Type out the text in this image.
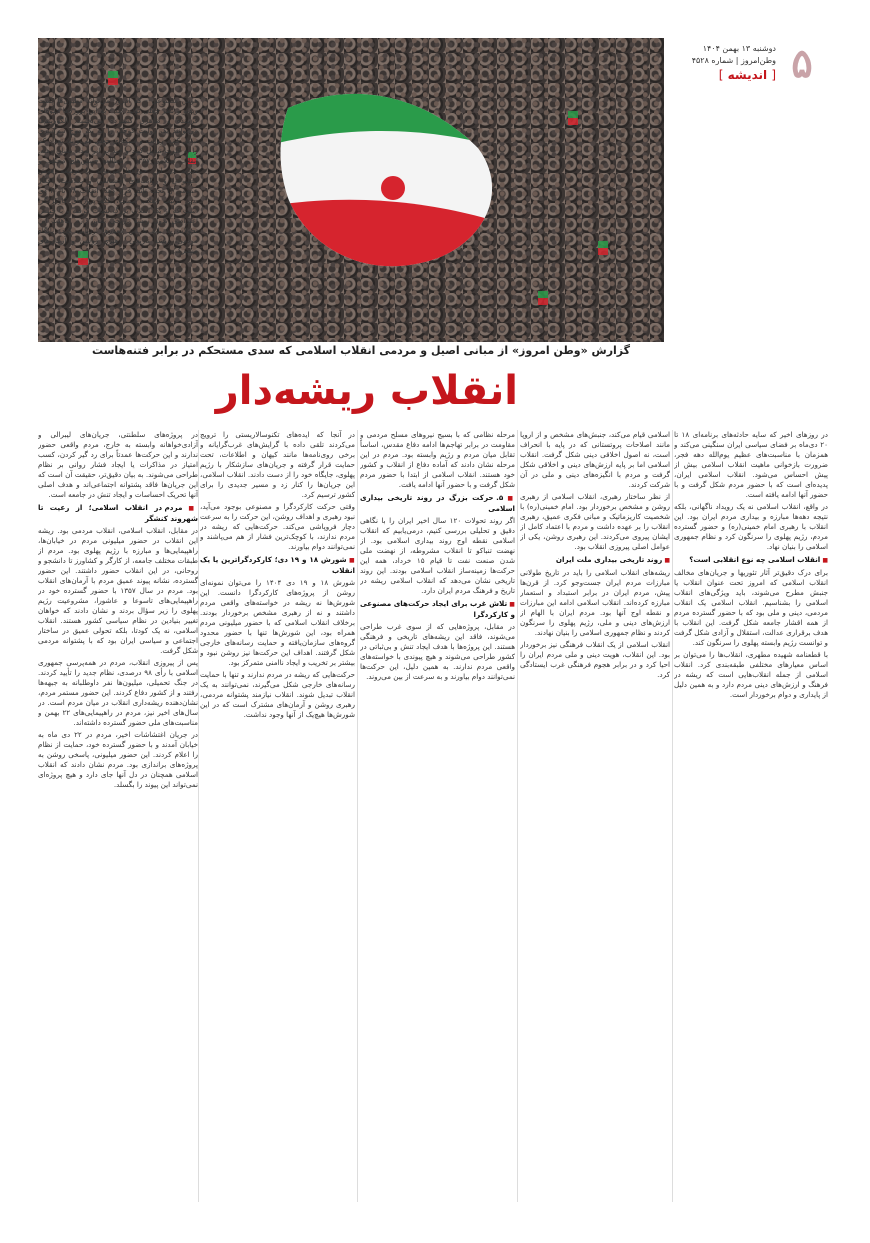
۵
دوشنبه ۱۳ بهمن ۱۴۰۴
وطن‌امروز | شماره ۴۵۲۸
[ اندیشه ]
هوش مصنوعی - که امروز می‌تواند میلیون‌ها پست ویدئو و نظر جعلی تولید کند - به این پروژه‌ها جلوه‌ای فریبنده و ظاهری گسترده می‌بخشد. الگوریتم‌ها می‌توانند یک روایت کوچک را به یک موج سراسری تبدیل کنند، روایت و شبکه‌ای جعلی می‌توانند تعداد کم را به کثرت تبدیل کنند و چند بر ابر تعداد نشان دهند. انقلاب اسلامی ۱۳۵۷ با مطالعه جنبش‌های مختلف و تجربه در این حوزه‌ها می‌تواند با توسعه هوش مصنوعی و روایت‌های احساسی و یکدست، افکار عمومی را تحت تأثیر قرار دهد. انقلاب ۱۸ تا ۲۰ دی بدین ترتیب انقلاب نیست، بلکه پروژه‌ای کارکردگرا است که از یک انقلاب بزرگ نشأت گرفته و با جنبش اعتراضی بدون ریشه تاریخی تمایز دارد. ماهیت این تحولات را باید با این معیارها ارزیابی کرد: پایگاه مردمی، ریشه تاریخی، رهبری روشن و آرمان‌های مشترک.
گزارش «وطن امروز» از مبانی اصیل و مردمی انقلاب اسلامی که سدی مستحکم در برابر فتنه‌هاست
انقلاب ریشه‌دار

در پروژه‌های سلطنتی، جریان‌های لیبرالی و آزادی‌خواهانه وابسته به خارج، مردم واقعی حضور ندارند و این حرکت‌ها عمدتاً برای رد گیر کردن، کسب امتیاز در مذاکرات یا ایجاد فشار روانی بر نظام طراحی می‌شوند. به بیان دقیق‌تر، حقیقت آن است که این جریان‌ها فاقد پشتوانه اجتماعی‌اند و هدف اصلی آنها تحریک احساسات و ایجاد تنش در جامعه است.

■ مردم در انقلاب اسلامی؛ از رعیت تا شهروند کنشگر

در مقابل، انقلاب اسلامی، انقلاب مردمی بود. ریشه این انقلاب در حضور میلیونی مردم در خیابان‌ها، راهپیمایی‌ها و مبارزه با رژیم پهلوی بود. مردم از طبقات مختلف جامعه، از کارگر و کشاورز تا دانشجو و روحانی، در این انقلاب حضور داشتند. این حضور گسترده، نشانه پیوند عمیق مردم با آرمان‌های انقلاب بود. مردم در سال ۱۳۵۷ با حضور گسترده خود در راهپیمایی‌های تاسوعا و عاشورا، مشروعیت رژیم پهلوی را زیر سؤال بردند و نشان دادند که خواهان تغییر بنیادین در نظام سیاسی کشور هستند. انقلاب اسلامی، نه یک کودتا، بلکه تحولی عمیق در ساختار اجتماعی و سیاسی ایران بود که با پشتوانه مردمی شکل گرفت.

پس از پیروزی انقلاب، مردم در همه‌پرسی جمهوری اسلامی با رأی ۹۸ درصدی، نظام جدید را تأیید کردند. در جنگ تحمیلی، میلیون‌ها نفر داوطلبانه به جبهه‌ها رفتند و از کشور دفاع کردند. این حضور مستمر مردم، نشان‌دهنده ریشه‌داری انقلاب در میان مردم است. در سال‌های اخیر نیز، مردم در راهپیمایی‌های ۲۲ بهمن و مناسبت‌های ملی حضور گسترده داشته‌اند.

در جریان اغتشاشات اخیر، مردم در ۲۲ دی ماه به خیابان آمدند و با حضور گسترده خود، حمایت از نظام را اعلام کردند. این حضور میلیونی، پاسخی روشن به پروژه‌های براندازی بود. مردم نشان دادند که انقلاب اسلامی همچنان در دل آنها جای دارد و هیچ پروژه‌ای نمی‌تواند این پیوند را بگسلد.

در آنجا که ایده‌های تکنوسالاریستی را ترویج می‌کردند تلقی داده با گرایش‌های غرب‌گرایانه و برخی روی‌نامه‌ها مانند کیهان و اطلاعات، تحت حمایت قرار گرفته و جریان‌های سازشکار با رژیم پهلوی، جایگاه خود را از دست دادند. انقلاب اسلامی، این جریان‌ها را کنار زد و مسیر جدیدی را برای کشور ترسیم کرد.

وقتی حرکت کارکردگرا و مصنوعی بوجود می‌آید، نبود رهبری و اهداف روشن، این حرکت را به سرعت دچار فروپاشی می‌کند. حرکت‌هایی که ریشه در مردم ندارند، با کوچک‌ترین فشار از هم می‌پاشند و نمی‌توانند دوام بیاورند.

■ شورش ۱۸ و ۱۹ دی؛ کارکردگراترین یا یک انقلاب

شورش ۱۸ و ۱۹ دی ۱۴۰۴ را می‌توان نمونه‌ای روشن از پروژه‌های کارکردگرا دانست. این شورش‌ها نه ریشه در خواسته‌های واقعی مردم داشتند و نه از رهبری مشخص برخوردار بودند. برخلاف انقلاب اسلامی که با حضور میلیونی مردم همراه بود، این شورش‌ها تنها با حضور محدود گروه‌های سازمان‌یافته و حمایت رسانه‌های خارجی شکل گرفتند. اهداف این حرکت‌ها نیز روشن نبود و بیشتر بر تخریب و ایجاد ناامنی متمرکز بود.

حرکت‌هایی که ریشه در مردم ندارند و تنها با حمایت رسانه‌های خارجی شکل می‌گیرند، نمی‌توانند به یک انقلاب تبدیل شوند. انقلاب نیازمند پشتوانه مردمی، رهبری روشن و آرمان‌های مشترک است که در این شورش‌ها هیچ‌یک از آنها وجود نداشت.

مرحله نظامی که با بسیج نیروهای مسلح مردمی و مقاومت در برابر تهاجم‌ها ادامه دفاع مقدس، اساساً تقابل میان مردم و رژیم وابسته بود. مردم در این مرحله نشان دادند که آماده دفاع از انقلاب و کشور خود هستند. انقلاب اسلامی از ابتدا با حضور مردم شکل گرفت و با حضور آنها ادامه یافت.

■ ۵. حرکت بزرگ در روند تاریخی بیداری اسلامی

اگر روند تحولات ۱۲۰ سال اخیر ایران را با نگاهی دقیق و تحلیلی بررسی کنیم، درمی‌یابیم که انقلاب اسلامی نقطه اوج روند بیداری اسلامی بود. از نهضت تنباکو تا انقلاب مشروطه، از نهضت ملی شدن صنعت نفت تا قیام ۱۵ خرداد، همه این حرکت‌ها زمینه‌ساز انقلاب اسلامی بودند. این روند تاریخی نشان می‌دهد که انقلاب اسلامی ریشه در تاریخ و فرهنگ مردم ایران دارد.

■ تلاش غرب برای ایجاد حرکت‌های مصنوعی و کارکردگرا

در مقابل، پروژه‌هایی که از سوی غرب طراحی می‌شوند، فاقد این ریشه‌های تاریخی و فرهنگی هستند. این پروژه‌ها با هدف ایجاد تنش و بی‌ثباتی در کشور طراحی می‌شوند و هیچ پیوندی با خواسته‌های واقعی مردم ندارند. به همین دلیل، این حرکت‌ها نمی‌توانند دوام بیاورند و به سرعت از بین می‌روند.

اسلامی قیام می‌کند، جنبش‌های مشخص و از اروپا مانند اصلاحات پروتستانی که در پایه با انحراف است، نه اصول اخلاقی دینی شکل گرفت. انقلاب اسلامی اما بر پایه ارزش‌های دینی و اخلاقی شکل گرفت و مردم با انگیزه‌های دینی و ملی در آن شرکت کردند.

از نظر ساختار رهبری، انقلاب اسلامی از رهبری روشن و مشخص برخوردار بود. امام خمینی(ره) با شخصیت کاریزماتیک و مبانی فکری عمیق، رهبری انقلاب را بر عهده داشت و مردم با اعتماد کامل از ایشان پیروی می‌کردند. این رهبری روشن، یکی از عوامل اصلی پیروزی انقلاب بود.

■ روند تاریخی بیداری ملت ایران

ریشه‌های انقلاب اسلامی را باید در تاریخ طولانی مبارزات مردم ایران جست‌وجو کرد. از قرن‌ها پیش، مردم ایران در برابر استبداد و استعمار مبارزه کرده‌اند. انقلاب اسلامی ادامه این مبارزات و نقطه اوج آنها بود. مردم ایران با الهام از ارزش‌های دینی و ملی، رژیم پهلوی را سرنگون کردند و نظام جمهوری اسلامی را بنیان نهادند.

انقلاب اسلامی از یک انقلاب فرهنگی نیز برخوردار بود. این انقلاب، هویت دینی و ملی مردم ایران را احیا کرد و در برابر هجوم فرهنگی غرب ایستادگی کرد.

در روزهای اخیر که سایه حادثه‌های برنامه‌ای ۱۸ تا ۲۰ دی‌ماه بر فضای سیاسی ایران سنگینی می‌کند و همزمان با مناسبت‌های عظیم یوم‌الله دهه فجر، ضرورت بازخوانی ماهیت انقلاب اسلامی بیش از پیش احساس می‌شود. انقلاب اسلامی ایران، پدیده‌ای است که با حضور مردم شکل گرفت و با حضور آنها ادامه یافته است.

در واقع، انقلاب اسلامی نه یک رویداد ناگهانی، بلکه نتیجه دهه‌ها مبارزه و بیداری مردم ایران بود. این انقلاب با رهبری امام خمینی(ره) و حضور گسترده مردم، رژیم پهلوی را سرنگون کرد و نظام جمهوری اسلامی را بنیان نهاد.

■ انقلاب اسلامی چه نوع انقلابی است؟

برای درک دقیق‌تر آثار تئوریها و جریان‌های مخالف انقلاب اسلامی که امروز تحت عنوان انقلاب یا جنبش مطرح می‌شوند، باید ویژگی‌های انقلاب اسلامی را بشناسیم. انقلاب اسلامی یک انقلاب مردمی، دینی و ملی بود که با حضور گسترده مردم از همه اقشار جامعه شکل گرفت. این انقلاب با هدف برقراری عدالت، استقلال و آزادی شکل گرفت و توانست رژیم وابسته پهلوی را سرنگون کند.

با قطعنامه شهیده مطهری، انقلاب‌ها را می‌توان بر اساس معیارهای مختلفی طبقه‌بندی کرد. انقلاب اسلامی از جمله انقلاب‌هایی است که ریشه در فرهنگ و ارزش‌های دینی مردم دارد و به همین دلیل از پایداری و دوام برخوردار است.
